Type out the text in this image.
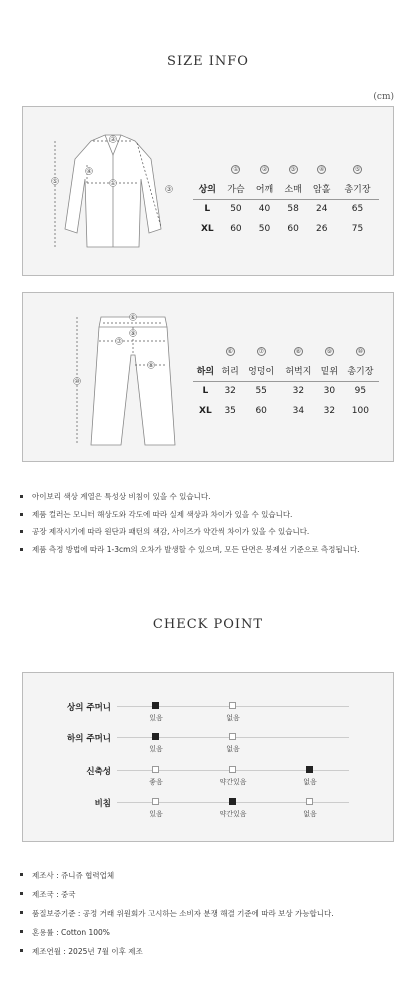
SIZE INFO
(cm)
⑤
②
①
③
④
		①	②	③	④	⑤
상의	가슴	어깨	소매	암홀	총기장
L	50	40	58	24	65
XL	60	50	60	26	75
⑥
⑦
⑧
⑨
⑩
	⑥	⑦	⑧	⑨	⑩
하의	허리	엉덩이	허벅지	밑위	총기장
L	32	55	32	30	95
XL	35	60	34	32	100
아이보리 색상 계열은 특성상 비침이 있을 수 있습니다.
제품 컬러는 모니터 해상도와 각도에 따라 실제 색상과 차이가 있을 수 있습니다.
공장 제작시기에 따라 원단과 패턴의 색감, 사이즈가 약간씩 차이가 있을 수 있습니다.
제품 측정 방법에 따라 1-3cm의 오차가 발생할 수 있으며, 모든 단면은 봉제선 기준으로 측정됩니다.
CHECK POINT
상의 주머니
있음	없음
하의 주머니
있음	없음
신축성
좋음	약간있음	없음
비침
있음	약간있음	없음
제조사 : 쥬니쥬 협력업체
제조국 : 중국
품질보증기준 : 공정 거래 위원회가 고시하는 소비자 분쟁 해결 기준에 따라 보상 가능합니다.
혼용률 : Cotton 100%
제조연월 : 2025년 7월 이후 제조
